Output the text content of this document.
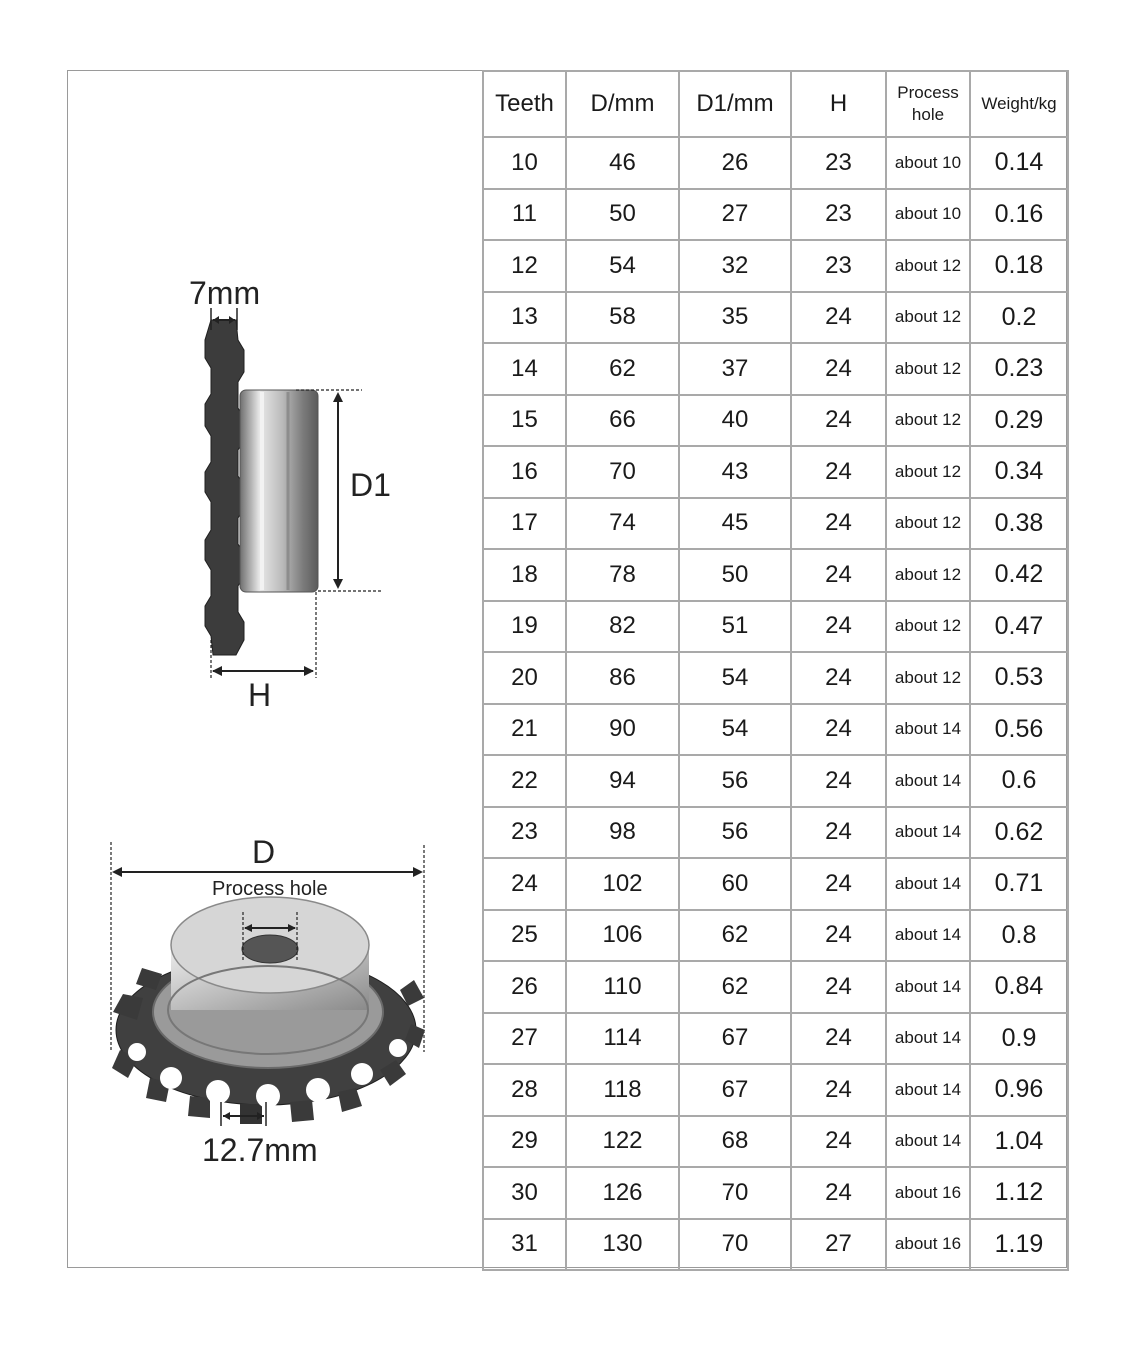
7mm
D1
H
D
Process hole
12.7mm
Teeth	D/mm	D1/mm	H	Process hole	Weight/kg
10	46	26	23	about 10	0.14
11	50	27	23	about 10	0.16
12	54	32	23	about 12	0.18
13	58	35	24	about 12	0.2
14	62	37	24	about 12	0.23
15	66	40	24	about 12	0.29
16	70	43	24	about 12	0.34
17	74	45	24	about 12	0.38
18	78	50	24	about 12	0.42
19	82	51	24	about 12	0.47
20	86	54	24	about 12	0.53
21	90	54	24	about 14	0.56
22	94	56	24	about 14	0.6
23	98	56	24	about 14	0.62
24	102	60	24	about 14	0.71
25	106	62	24	about 14	0.8
26	110	62	24	about 14	0.84
27	114	67	24	about 14	0.9
28	118	67	24	about 14	0.96
29	122	68	24	about 14	1.04
30	126	70	24	about 16	1.12
31	130	70	27	about 16	1.19
